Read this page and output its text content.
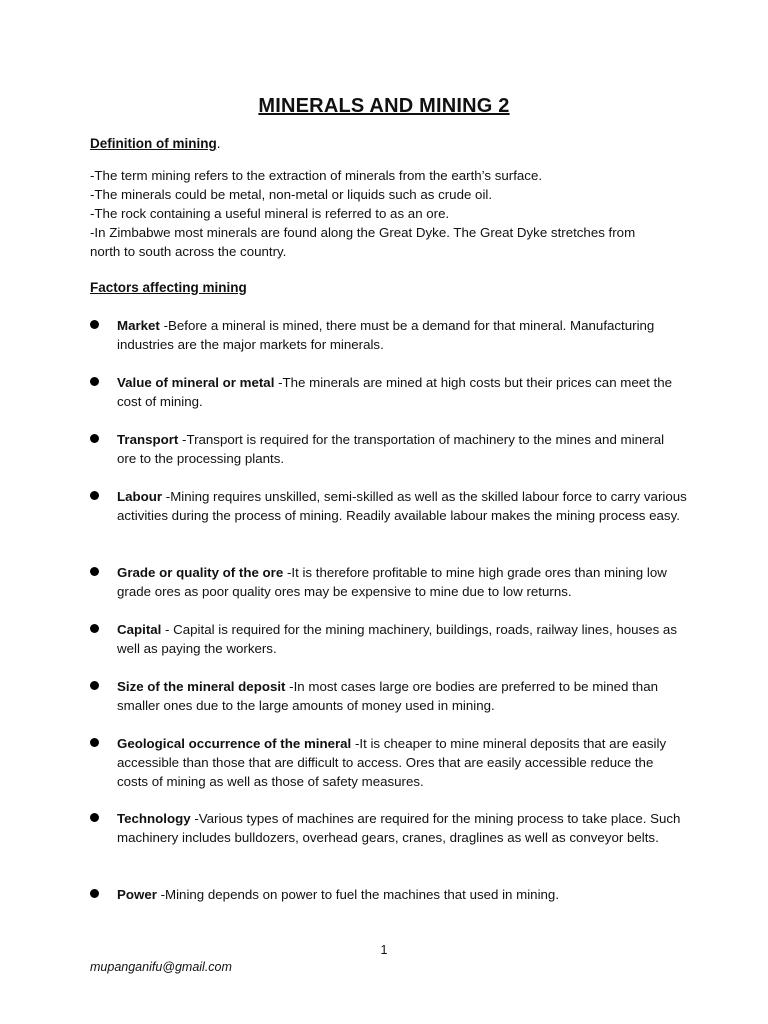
MINERALS AND MINING 2
Definition of mining.
-The term mining refers to the extraction of minerals from the earth’s surface.
-The minerals could be metal, non-metal or liquids such as crude oil.
-The rock containing a useful mineral is referred to as an ore.
-In Zimbabwe most minerals are found along the Great Dyke. The Great Dyke stretches from
north to south across the country.
Factors affecting mining
Market -Before a mineral is mined, there must be a demand for that mineral. Manufacturing industries are the major markets for minerals.
Value of mineral or metal -The minerals are mined at high costs but their prices can meet the cost of mining.
Transport -Transport is required for the transportation of machinery to the mines and mineral ore to the processing plants.
Labour -Mining requires unskilled, semi-skilled as well as the skilled labour force to carry various activities during the process of mining. Readily available labour makes the mining process easy.
Grade or quality of the ore -It is therefore profitable to mine high grade ores than mining low grade ores as poor quality ores may be expensive to mine due to low returns.
Capital - Capital is required for the mining machinery, buildings, roads, railway lines, houses as well as paying the workers.
Size of the mineral deposit -In most cases large ore bodies are preferred to be mined than smaller ones due to the large amounts of money used in mining.
Geological occurrence of the mineral -It is cheaper to mine mineral deposits that are easily accessible than those that are difficult to access. Ores that are easily accessible reduce the costs of mining as well as those of safety measures.
Technology -Various types of machines are required for the mining process to take place. Such machinery includes bulldozers, overhead gears, cranes, draglines as well as conveyor belts.
Power -Mining depends on power to fuel the machines that used in mining.
1
mupanganifu@gmail.com
